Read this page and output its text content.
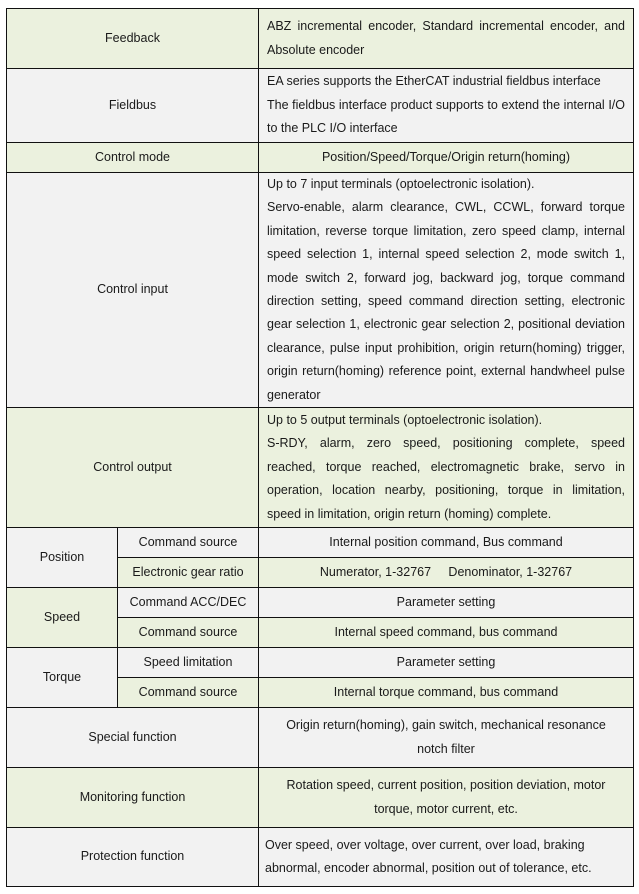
Feedback		ABZ incremental encoder, Standard incremental encoder, and Absolute encoder
Fieldbus		EA series supports the EtherCAT industrial fieldbus interface
The fieldbus interface product supports to extend the internal I/O to the PLC I/O interface

Control mode		Position/Speed/Torque/Origin return(homing)
Control input		Up to 7 input terminals (optoelectronic isolation).
Servo-enable, alarm clearance, CWL, CCWL, forward torque limitation, reverse torque limitation, zero speed clamp, internal speed selection 1, internal speed selection 2, mode switch 1, mode switch 2, forward jog, backward jog, torque command direction setting, speed command direction setting, electronic gear selection 1, electronic gear selection 2, positional deviation clearance, pulse input prohibition, origin return(homing) trigger, origin return(homing) reference point, external handwheel pulse generator

Control output		Up to 5 output terminals (optoelectronic isolation).
S-RDY, alarm, zero speed, positioning complete, speed reached, torque reached, electromagnetic brake, servo in operation, location nearby, positioning, torque in limitation, speed in limitation, origin return (homing) complete.

Position	Command source	Internal position command, Bus command
	Electronic gear ratio	Numerator, 1-32767     Denominator, 1-32767
Speed	Command ACC/DEC	Parameter setting
	Command source	Internal speed command, bus command
Torque	Speed limitation	Parameter setting
	Command source	Internal torque command, bus command
Special function		Origin return(homing), gain switch, mechanical resonance notch filter
Monitoring function		Rotation speed, current position, position deviation, motor torque, motor current, etc.
Protection function		Over speed, over voltage, over current, over load, braking abnormal, encoder abnormal, position out of tolerance, etc.
